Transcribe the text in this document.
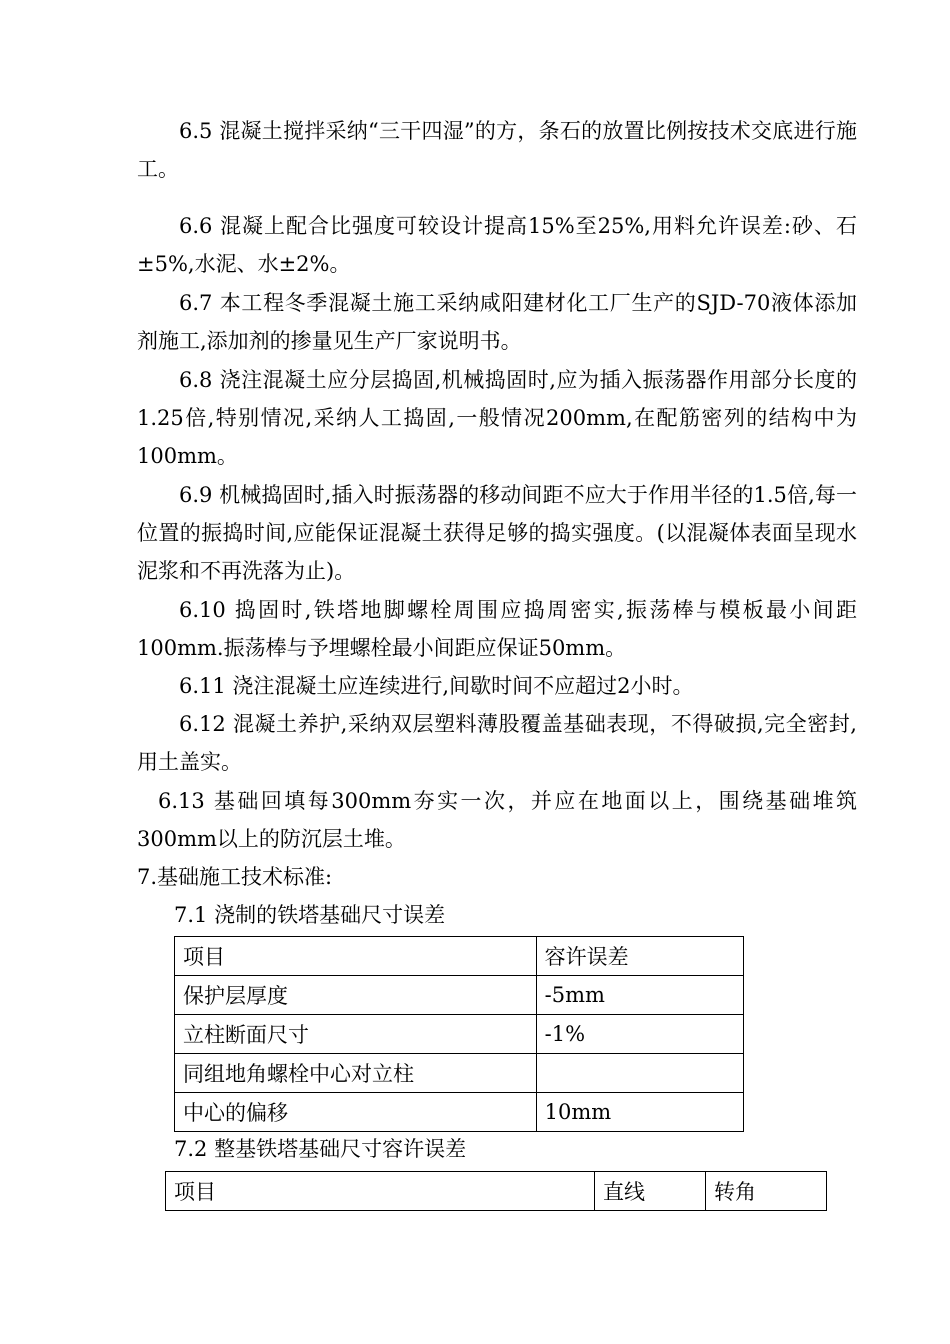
6.5 混凝土搅拌采纳“三干四湿”的方，条石的放置比例按技术交底进行施工。

6.6 混凝上配合比强度可较设计提高15%至25%,用料允许误差:砂、石±5%,水泥、水±2%。

6.7 本工程冬季混凝土施工采纳咸阳建材化工厂生产的SJD-70液体添加剂施工,添加剂的掺量见生产厂家说明书。

6.8 浇注混凝土应分层捣固,机械捣固时,应为插入振荡器作用部分长度的1.25倍,特别情况,采纳人工捣固,一般情况200mm,在配筋密列的结构中为100mm。

6.9 机械捣固时,插入时振荡器的移动间距不应大于作用半径的1.5倍,每一位置的振捣时间,应能保证混凝土获得足够的捣实强度。(以混凝体表面呈现水泥浆和不再洗落为止)。

6.10 捣固时,铁塔地脚螺栓周围应捣周密实,振荡棒与模板最小间距100mm.振荡棒与予埋螺栓最小间距应保证50mm。

6.11 浇注混凝土应连续进行,间歇时间不应超过2小时。

6.12 混凝土养护,采纳双层塑料薄股覆盖基础表现，不得破损,完全密封,用土盖实。

6.13 基础回填每300mm夯实一次，并应在地面以上，围绕基础堆筑300mm以上的防沉层土堆。

7.基础施工技术标准:

7.1 浇制的铁塔基础尺寸误差

项目	容许误差
保护层厚度	-5mm
立柱断面尺寸	-1%
同组地角螺栓中心对立柱	
中心的偏移	10mm

7.2 整基铁塔基础尺寸容许误差

项目	直线	转角
